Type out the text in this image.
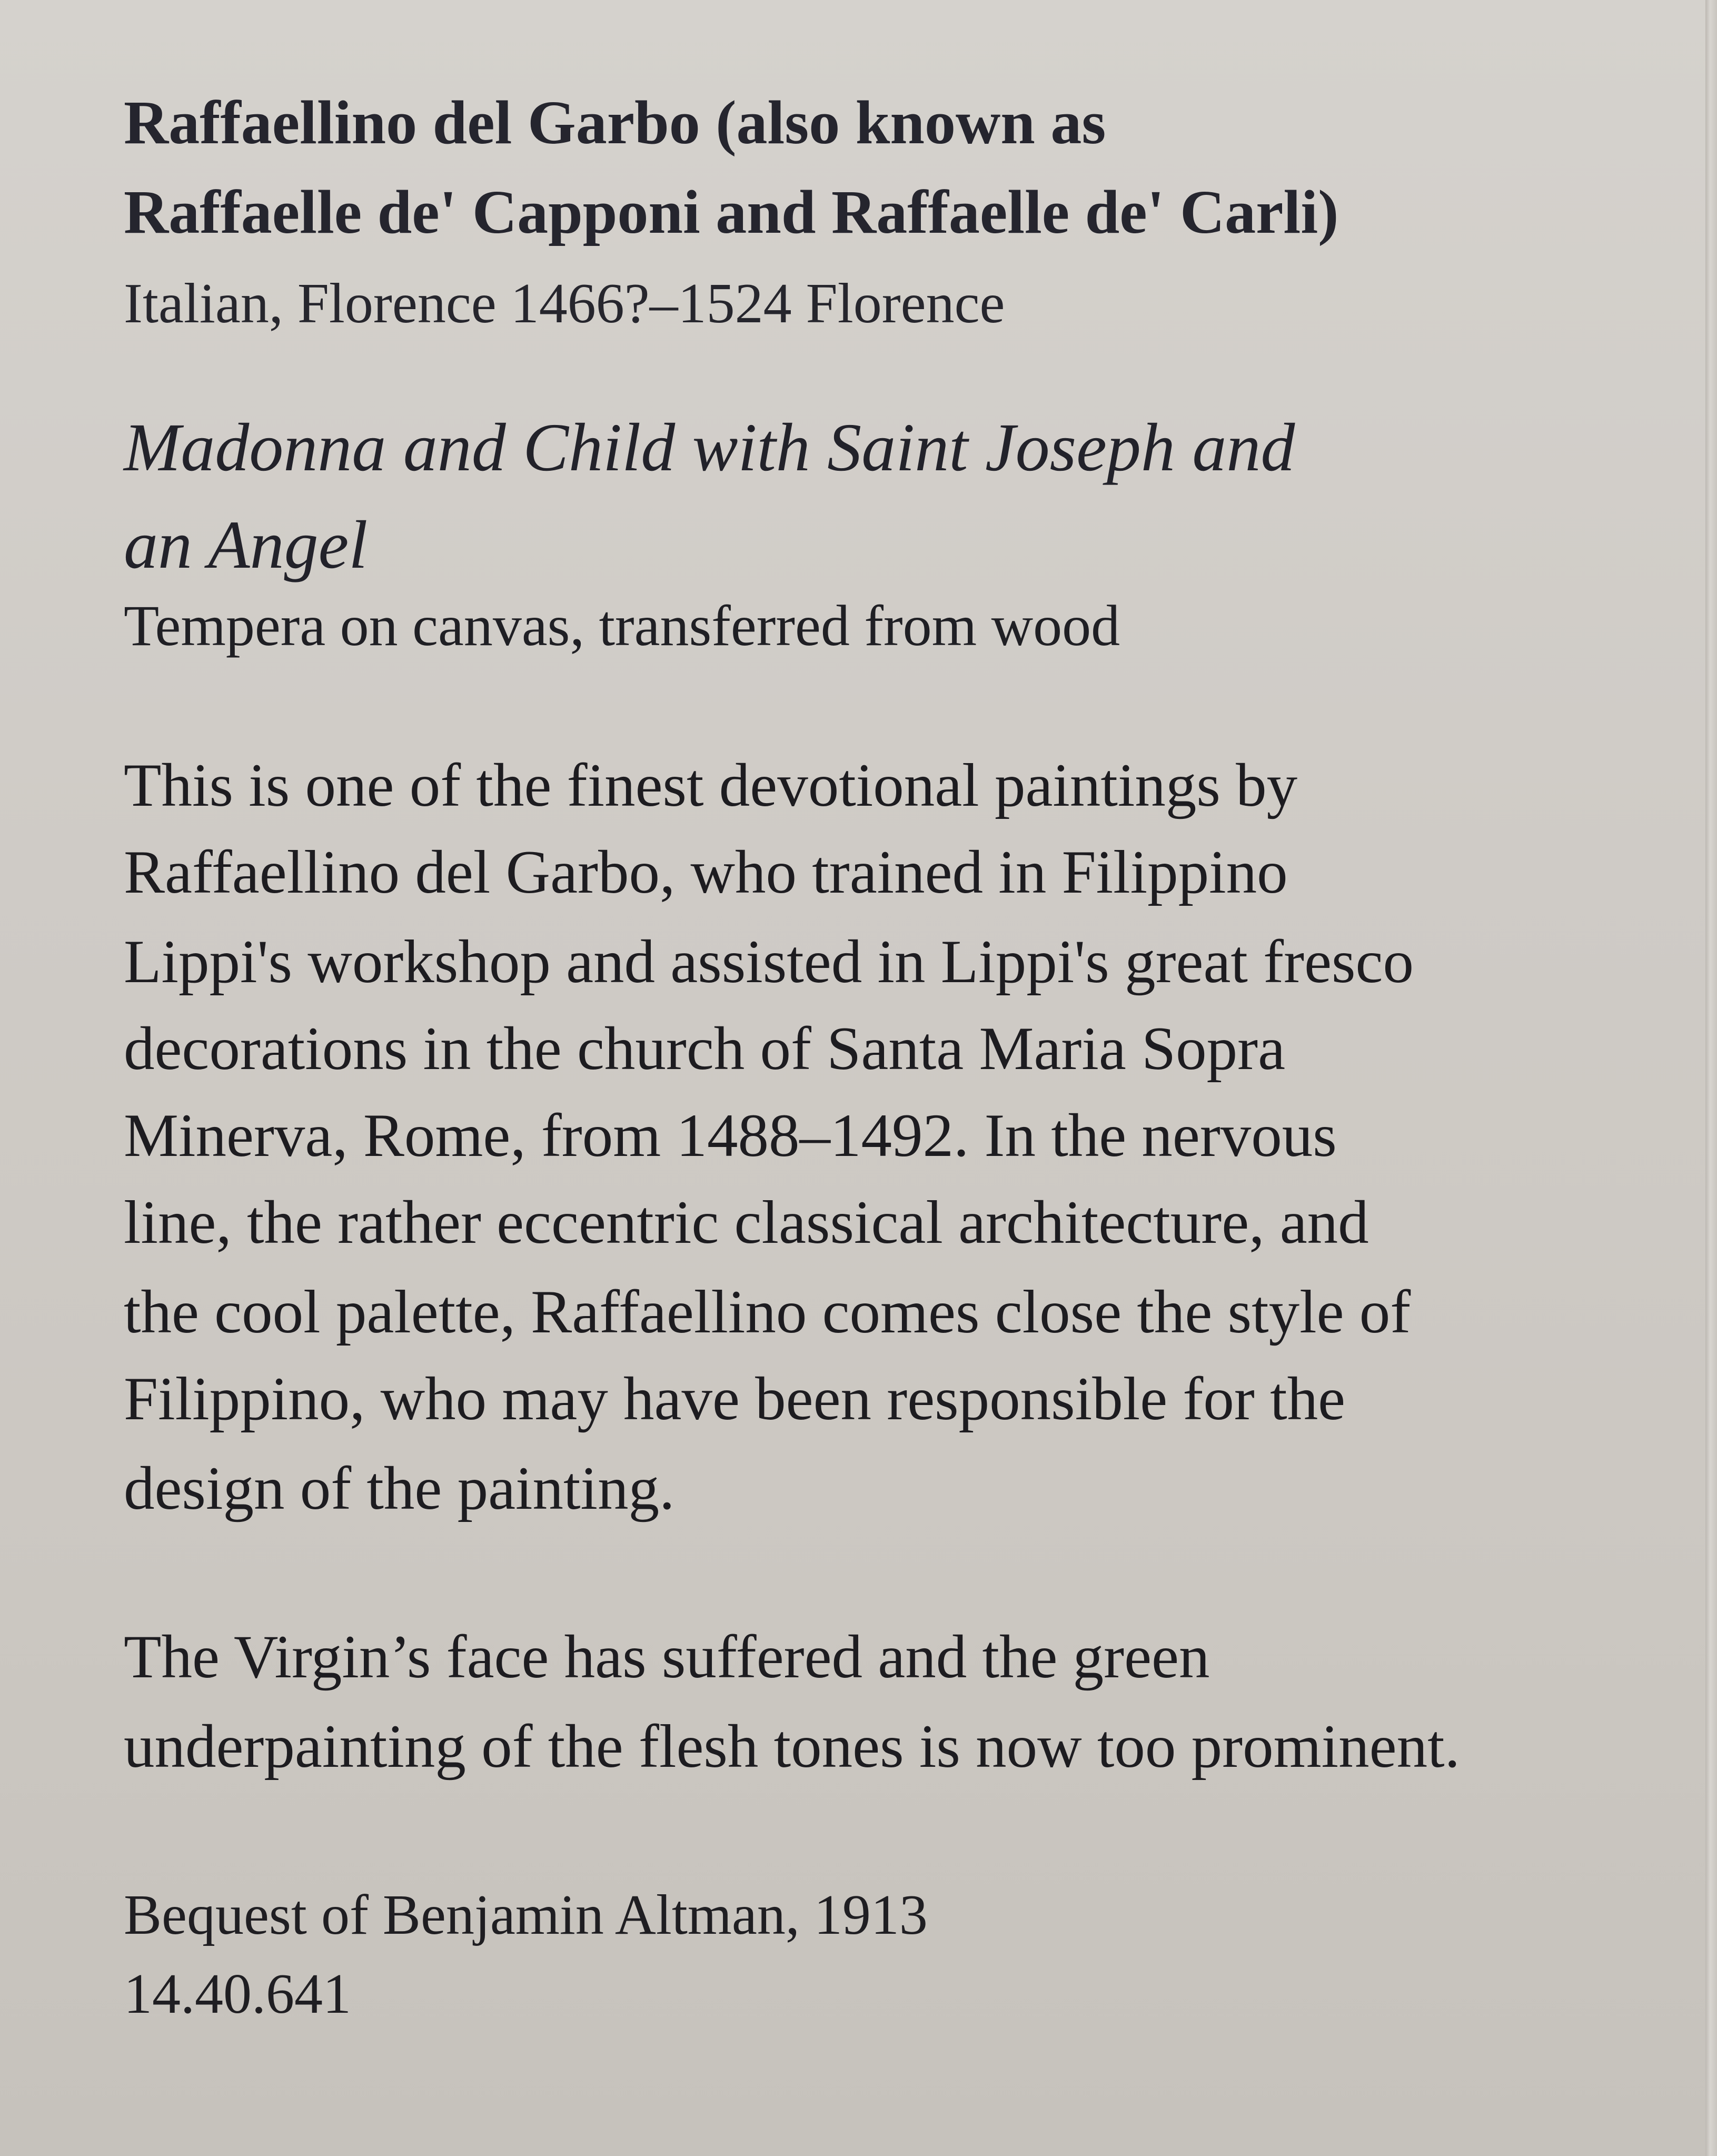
Raffaellino del Garbo (also known as
Raffaelle de' Capponi and Raffaelle de' Carli)
Italian, Florence 1466?–1524 Florence
Madonna and Child with Saint Joseph and
an Angel
Tempera on canvas, transferred from wood
This is one of the finest devotional paintings by
Raffaellino del Garbo, who trained in Filippino
Lippi's workshop and assisted in Lippi's great fresco
decorations in the church of Santa Maria Sopra
Minerva, Rome, from 1488–1492. In the nervous
line, the rather eccentric classical architecture, and
the cool palette, Raffaellino comes close the style of
Filippino, who may have been responsible for the
design of the painting.
The Virgin’s face has suffered and the green
underpainting of the flesh tones is now too prominent.
Bequest of Benjamin Altman, 1913
14.40.641
